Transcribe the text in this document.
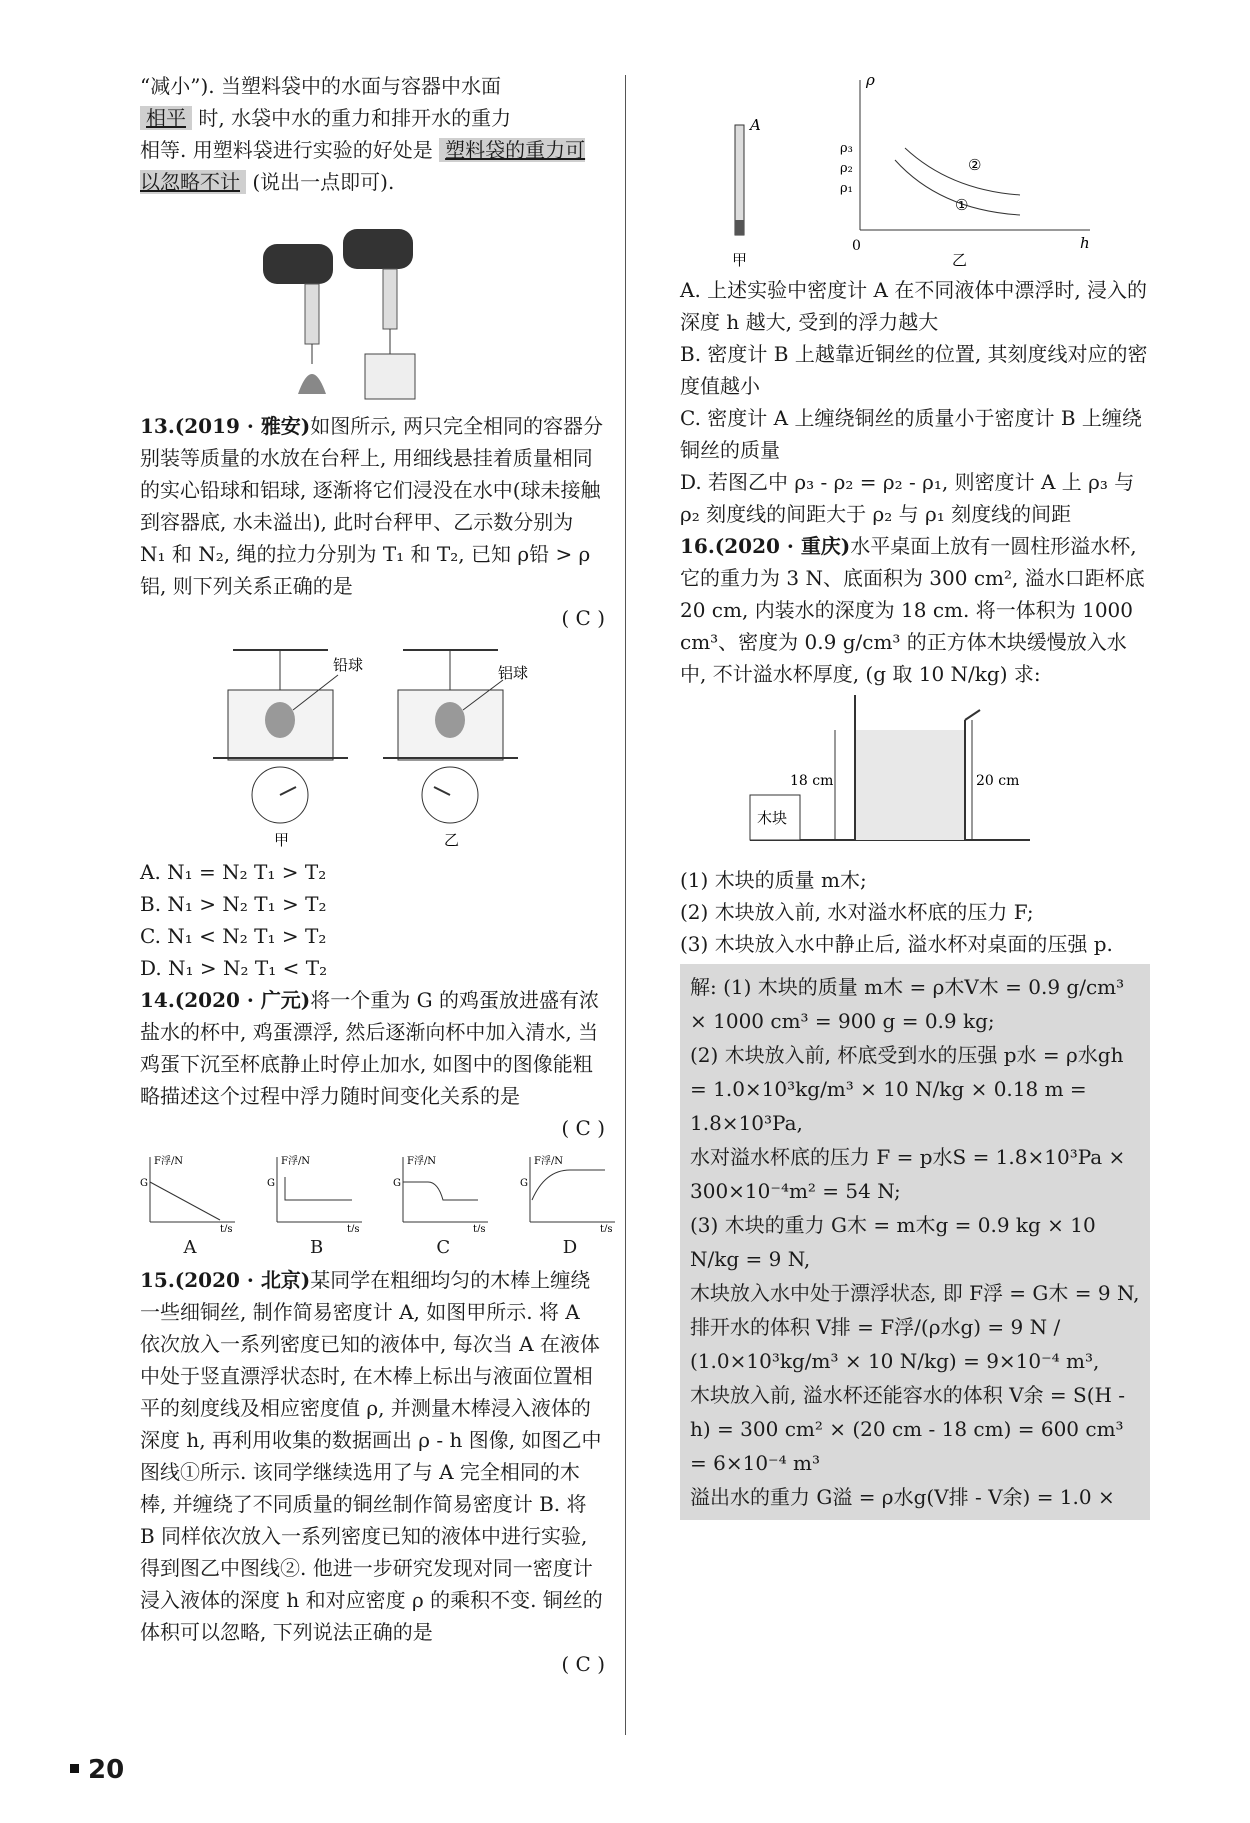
“减小”). 当塑料袋中的水面与容器中水面
相平 时, 水袋中水的重力和排开水的重力
相等. 用塑料袋进行实验的好处是 塑料袋的重力可以忽略不计 (说出一点即可).

13.(2019 · 雅安)如图所示, 两只完全相同的容器分别装等质量的水放在台秤上, 用细线悬挂着质量相同的实心铅球和铝球, 逐渐将它们浸没在水中(球未接触到容器底, 水未溢出), 此时台秤甲、乙示数分别为 N₁ 和 N₂, 绳的拉力分别为 T₁ 和 T₂, 已知 ρ铅 > ρ铝, 则下列关系正确的是

( C )
铅球
甲
铝球
乙

A. N₁ = N₂ T₁ > T₂

B. N₁ > N₂ T₁ > T₂

C. N₁ < N₂ T₁ > T₂

D. N₁ > N₂ T₁ < T₂

14.(2020 · 广元)将一个重为 G 的鸡蛋放进盛有浓盐水的杯中, 鸡蛋漂浮, 然后逐渐向杯中加入清水, 当鸡蛋下沉至杯底静止时停止加水, 如图中的图像能粗略描述这个过程中浮力随时间变化关系的是

( C )
F浮/N
G
t/s
A
F浮/N
G
t/s
B
F浮/N
G
t/s
C
F浮/N
G
t/s
D

15.(2020 · 北京)某同学在粗细均匀的木棒上缠绕一些细铜丝, 制作简易密度计 A, 如图甲所示. 将 A 依次放入一系列密度已知的液体中, 每次当 A 在液体中处于竖直漂浮状态时, 在木棒上标出与液面位置相平的刻度线及相应密度值 ρ, 并测量木棒浸入液体的深度 h, 再利用收集的数据画出 ρ - h 图像, 如图乙中图线①所示. 该同学继续选用了与 A 完全相同的木棒, 并缠绕了不同质量的铜丝制作简易密度计 B. 将 B 同样依次放入一系列密度已知的液体中进行实验, 得到图乙中图线②. 他进一步研究发现对同一密度计浸入液体的深度 h 和对应密度 ρ 的乘积不变. 铜丝的体积可以忽略, 下列说法正确的是

( C )
A
甲
ρ
h
0
ρ₃
ρ₂
ρ₁
②
①
乙

A. 上述实验中密度计 A 在不同液体中漂浮时, 浸入的深度 h 越大, 受到的浮力越大

B. 密度计 B 上越靠近铜丝的位置, 其刻度线对应的密度值越小

C. 密度计 A 上缠绕铜丝的质量小于密度计 B 上缠绕铜丝的质量

D. 若图乙中 ρ₃ - ρ₂ = ρ₂ - ρ₁, 则密度计 A 上 ρ₃ 与 ρ₂ 刻度线的间距大于 ρ₂ 与 ρ₁ 刻度线的间距

16.(2020 · 重庆)水平桌面上放有一圆柱形溢水杯, 它的重力为 3 N、底面积为 300 cm², 溢水口距杯底 20 cm, 内装水的深度为 18 cm. 将一体积为 1000 cm³、密度为 0.9 g/cm³ 的正方体木块缓慢放入水中, 不计溢水杯厚度, (g 取 10 N/kg) 求:

木块
18 cm	20 cm

(1) 木块的质量 m木;

(2) 木块放入前, 水对溢水杯底的压力 F;

(3) 木块放入水中静止后, 溢水杯对桌面的压强 p.

解: (1) 木块的质量 m木 = ρ木V木 = 0.9 g/cm³ × 1000 cm³ = 900 g = 0.9 kg;
(2) 木块放入前, 杯底受到水的压强 p水 = ρ水gh = 1.0×10³kg/m³ × 10 N/kg × 0.18 m = 1.8×10³Pa,
水对溢水杯底的压力 F = p水S = 1.8×10³Pa × 300×10⁻⁴m² = 54 N;
(3) 木块的重力 G木 = m木g = 0.9 kg × 10 N/kg = 9 N,
木块放入水中处于漂浮状态, 即 F浮 = G木 = 9 N,
排开水的体积 V排 = F浮/(ρ水g) = 9 N / (1.0×10³kg/m³ × 10 N/kg) = 9×10⁻⁴ m³,
木块放入前, 溢水杯还能容水的体积 V余 = S(H - h) = 300 cm² × (20 cm - 18 cm) = 600 cm³ = 6×10⁻⁴ m³
溢出水的重力 G溢 = ρ水g(V排 - V余) = 1.0 ×
20
